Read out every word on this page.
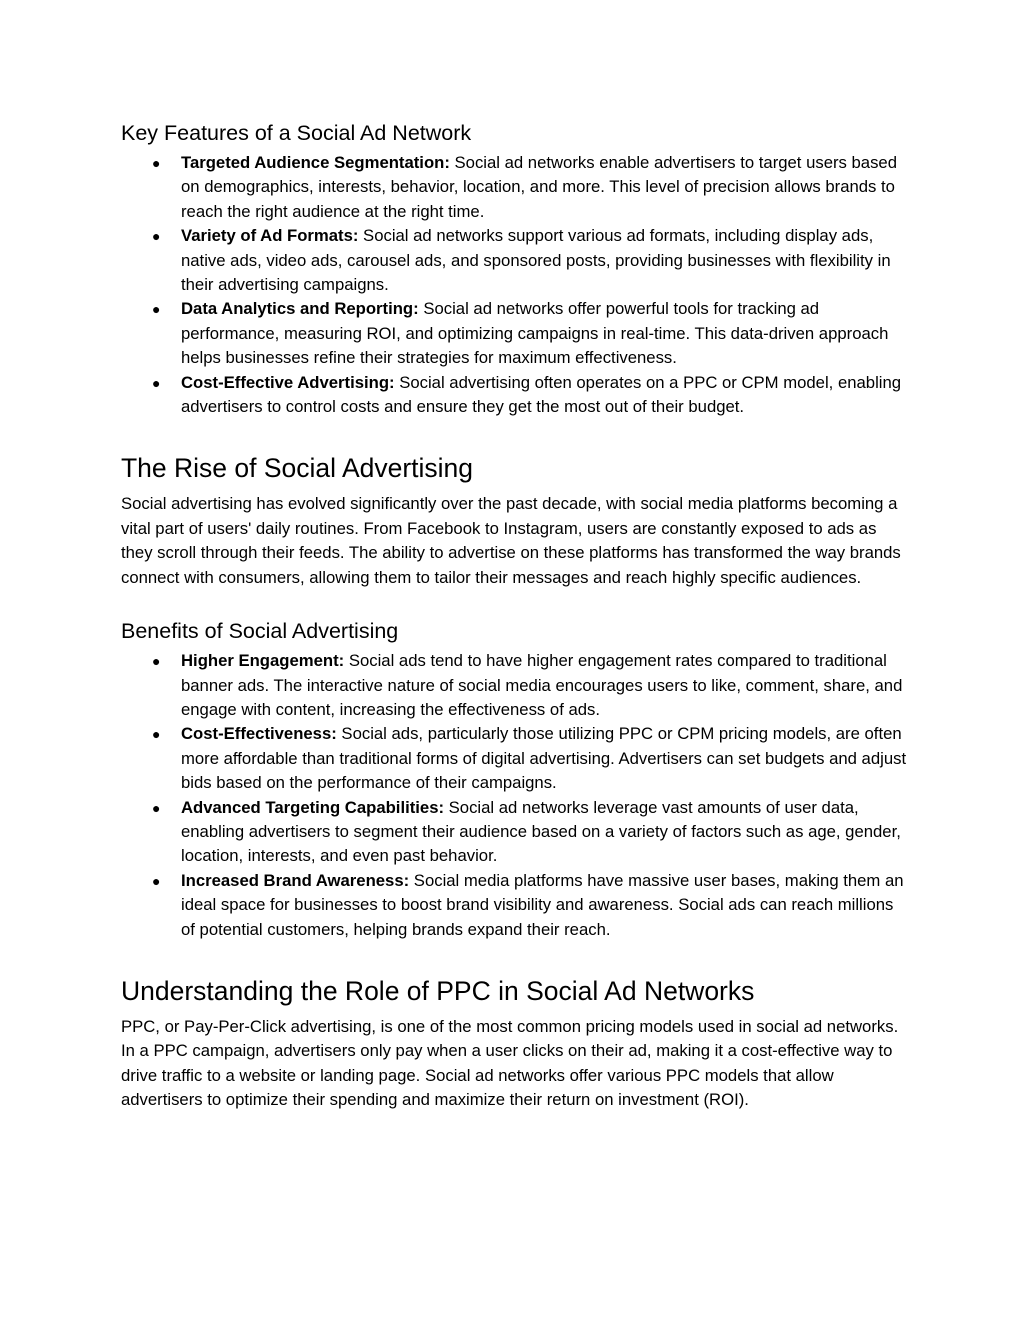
Key Features of a Social Ad Network
● Targeted Audience Segmentation: Social ad networks enable advertisers to target users based on demographics, interests, behavior, location, and more. This level of precision allows brands to reach the right audience at the right time.
● Variety of Ad Formats: Social ad networks support various ad formats, including display ads, native ads, video ads, carousel ads, and sponsored posts, providing businesses with flexibility in their advertising campaigns.
● Data Analytics and Reporting: Social ad networks offer powerful tools for tracking ad performance, measuring ROI, and optimizing campaigns in real-time. This data-driven approach helps businesses refine their strategies for maximum effectiveness.
● Cost-Effective Advertising: Social advertising often operates on a PPC or CPM model, enabling advertisers to control costs and ensure they get the most out of their budget.
The Rise of Social Advertising

Social advertising has evolved significantly over the past decade, with social media platforms becoming a vital part of users' daily routines. From Facebook to Instagram, users are constantly exposed to ads as they scroll through their feeds. The ability to advertise on these platforms has transformed the way brands connect with consumers, allowing them to tailor their messages and reach highly specific audiences.

Benefits of Social Advertising
● Higher Engagement: Social ads tend to have higher engagement rates compared to traditional banner ads. The interactive nature of social media encourages users to like, comment, share, and engage with content, increasing the effectiveness of ads.
● Cost-Effectiveness: Social ads, particularly those utilizing PPC or CPM pricing models, are often more affordable than traditional forms of digital advertising. Advertisers can set budgets and adjust bids based on the performance of their campaigns.
● Advanced Targeting Capabilities: Social ad networks leverage vast amounts of user data, enabling advertisers to segment their audience based on a variety of factors such as age, gender, location, interests, and even past behavior.
● Increased Brand Awareness: Social media platforms have massive user bases, making them an ideal space for businesses to boost brand visibility and awareness. Social ads can reach millions of potential customers, helping brands expand their reach.
Understanding the Role of PPC in Social Ad Networks

PPC, or Pay-Per-Click advertising, is one of the most common pricing models used in social ad networks. In a PPC campaign, advertisers only pay when a user clicks on their ad, making it a cost-effective way to drive traffic to a website or landing page. Social ad networks offer various PPC models that allow advertisers to optimize their spending and maximize their return on investment (ROI).
